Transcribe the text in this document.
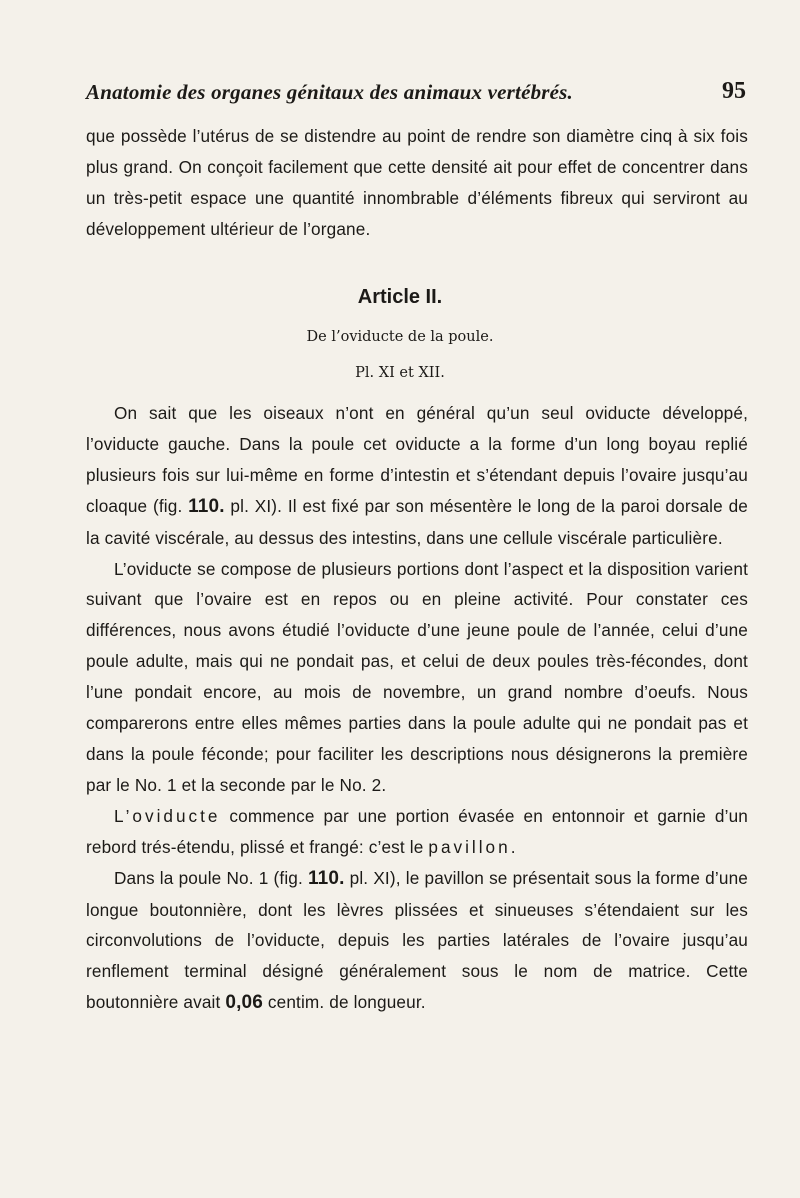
Anatomie des organes génitaux des animaux vertébrés.	95

que possède l’utérus de se distendre au point de rendre son diamètre cinq à six fois plus grand. On conçoit facilement que cette densité ait pour effet de concentrer dans un très-petit espace une quantité innombrable d’éléments fibreux qui serviront au développement ultérieur de l’organe.

Article II.
De l’oviducte de la poule.
Pl. XI et XII.

On sait que les oiseaux n’ont en général qu’un seul oviducte développé, l’oviducte gauche. Dans la poule cet oviducte a la forme d’un long boyau replié plusieurs fois sur lui-même en forme d’intestin et s’étendant depuis l’ovaire jusqu’au cloaque (fig. 110. pl. XI). Il est fixé par son mésentère le long de la paroi dorsale de la cavité viscérale, au dessus des intestins, dans une cellule viscérale particulière.

L’oviducte se compose de plusieurs portions dont l’aspect et la disposition varient suivant que l’ovaire est en repos ou en pleine activité. Pour constater ces différences, nous avons étudié l’oviducte d’une jeune poule de l’année, celui d’une poule adulte, mais qui ne pondait pas, et celui de deux poules très-fécondes, dont l’une pondait encore, au mois de novembre, un grand nombre d’oeufs. Nous comparerons entre elles mêmes parties dans la poule adulte qui ne pondait pas et dans la poule féconde; pour faciliter les descriptions nous désignerons la première par le No. 1 et la seconde par le No. 2.

L’oviducte commence par une portion évasée en entonnoir et garnie d’un rebord trés-étendu, plissé et frangé: c’est le pavillon.

Dans la poule No. 1 (fig. 110. pl. XI), le pavillon se présentait sous la forme d’une longue boutonnière, dont les lèvres plissées et sinueuses s’étendaient sur les circonvolutions de l’oviducte, depuis les parties latérales de l’ovaire jusqu’au renflement terminal désigné généralement sous le nom de matrice. Cette boutonnière avait 0,06 centim. de longueur.
